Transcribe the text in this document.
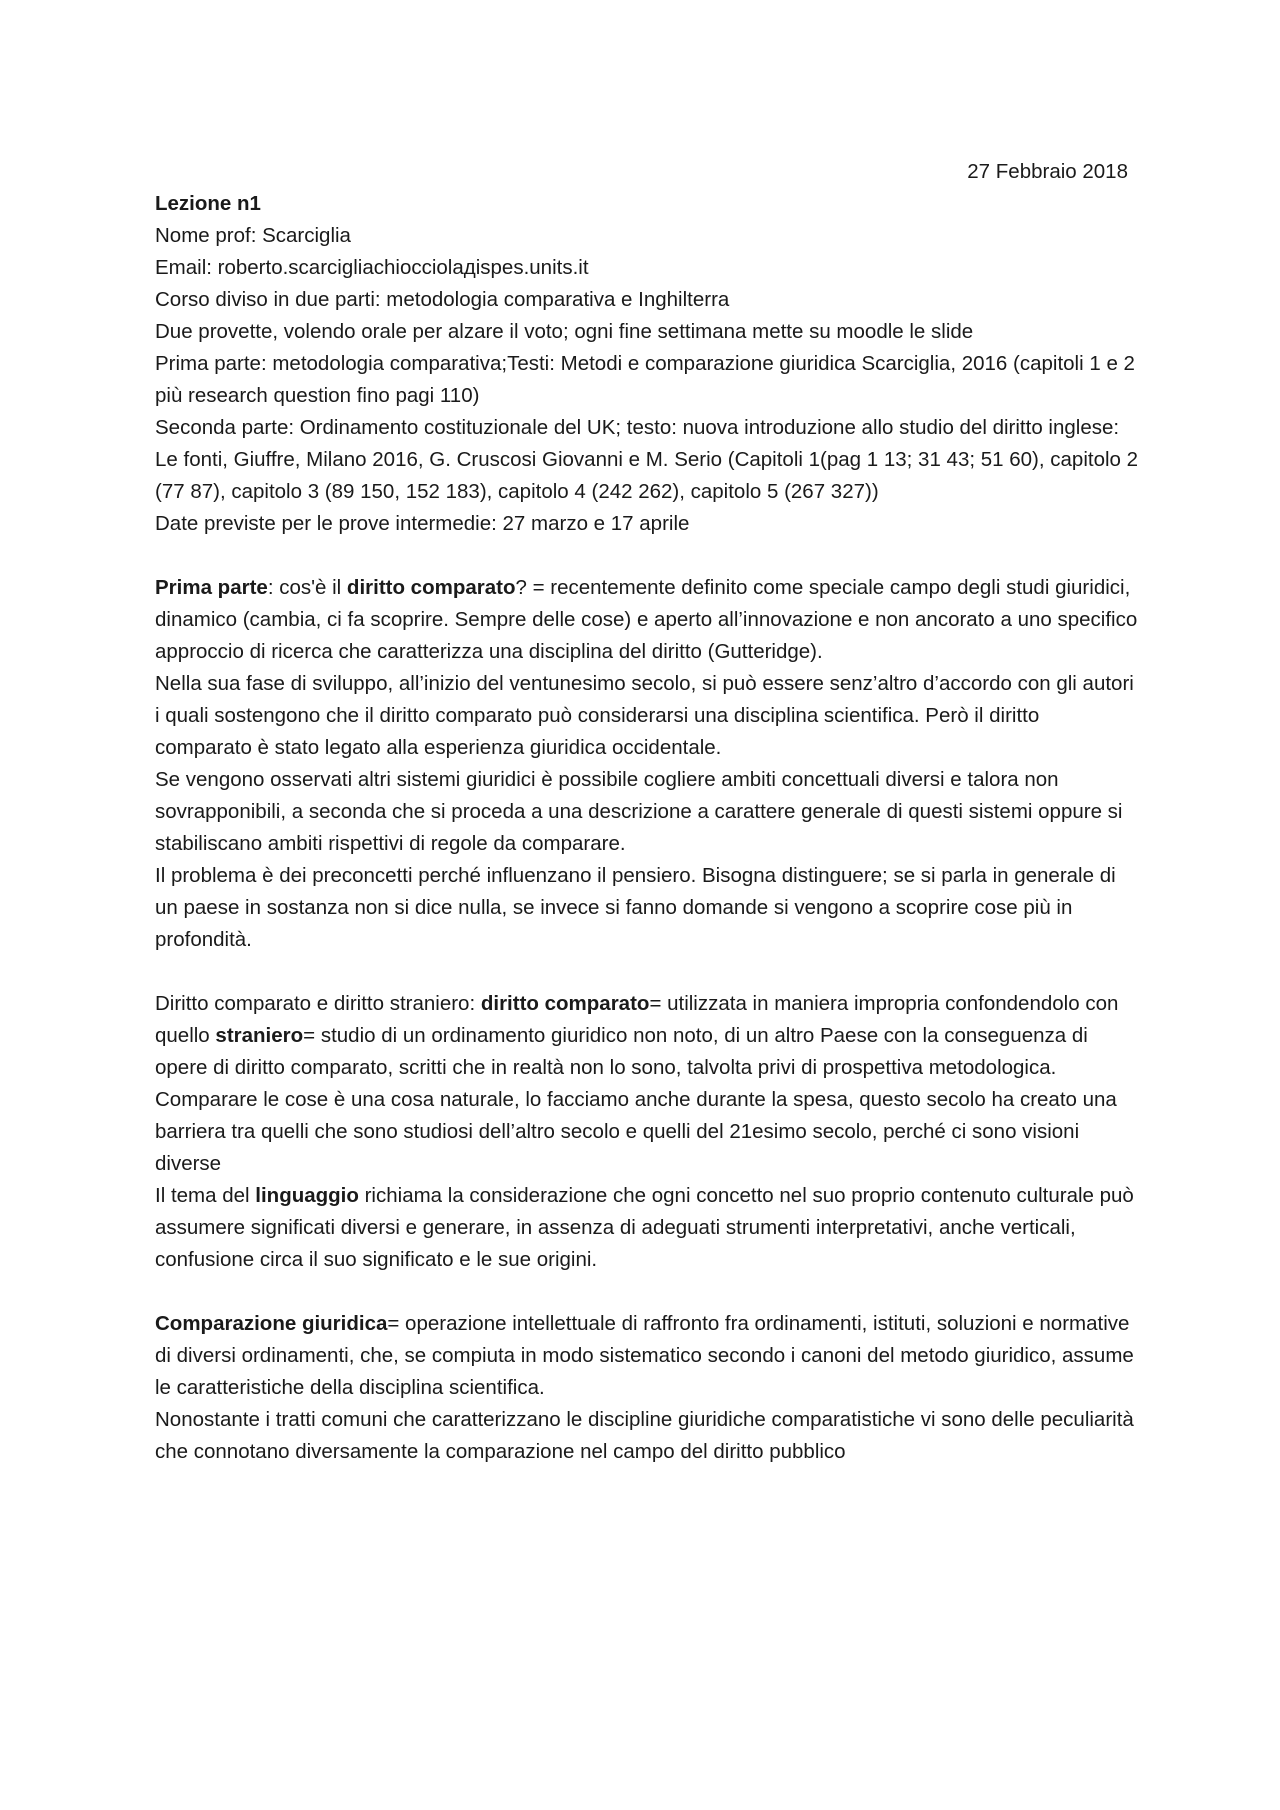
27 Febbraio 2018

Lezione n1

Nome prof: Scarciglia

Email: roberto.scarcigliachiocciolадispes.units.it

Corso diviso in due parti: metodologia comparativa e Inghilterra

Due provette, volendo orale per alzare il voto; ogni fine settimana mette su moodle le slide

Prima parte: metodologia comparativa;Testi: Metodi e comparazione giuridica Scarciglia, 2016 (capitoli 1 e 2 più research question fino pagi 110)

Seconda parte: Ordinamento costituzionale del UK; testo: nuova introduzione allo studio del diritto inglese: Le fonti, Giuffre, Milano 2016, G. Cruscosi Giovanni e M. Serio (Capitoli 1(pag 1 13; 31 43; 51 60), capitolo 2 (77 87), capitolo 3 (89 150, 152 183), capitolo 4 (242 262), capitolo 5 (267 327))

Date previste per le prove intermedie: 27 marzo e 17 aprile

Prima parte: cos'è il diritto comparato? = recentemente definito come speciale campo degli studi giuridici, dinamico (cambia, ci fa scoprire. Sempre delle cose) e aperto all’innovazione e non ancorato a uno specifico approccio di ricerca che caratterizza una disciplina del diritto (Gutteridge).

Nella sua fase di sviluppo, all’inizio del ventunesimo secolo, si può essere senz’altro d’accordo con gli autori i quali sostengono che il diritto comparato può considerarsi una disciplina scientifica. Però il diritto comparato è stato legato alla esperienza giuridica occidentale.

Se vengono osservati altri sistemi giuridici è possibile cogliere ambiti concettuali diversi e talora non sovrapponibili, a seconda che si proceda a una descrizione a carattere generale di questi sistemi oppure si stabiliscano ambiti rispettivi di regole da comparare.

Il problema è dei preconcetti perché influenzano il pensiero. Bisogna distinguere; se si parla in generale di un paese in sostanza non si dice nulla, se invece si fanno domande si vengono a scoprire cose più in profondità.

Diritto comparato e diritto straniero: diritto comparato= utilizzata in maniera impropria confondendolo con quello straniero= studio di un ordinamento giuridico non noto, di un altro Paese con la conseguenza di opere di diritto comparato, scritti che in realtà non lo sono, talvolta privi di prospettiva metodologica.

Comparare le cose è una cosa naturale, lo facciamo anche durante la spesa, questo secolo ha creato una barriera tra quelli che sono studiosi dell’altro secolo e quelli del 21esimo secolo, perché ci sono visioni diverse

Il tema del linguaggio richiama la considerazione che ogni concetto nel suo proprio contenuto culturale può assumere significati diversi e generare, in assenza di adeguati strumenti interpretativi, anche verticali, confusione circa il suo significato e le sue origini.

Comparazione giuridica= operazione intellettuale di raffronto fra ordinamenti, istituti, soluzioni e normative di diversi ordinamenti, che, se compiuta in modo sistematico secondo i canoni del metodo giuridico, assume le caratteristiche della disciplina scientifica.

Nonostante i tratti comuni che caratterizzano le discipline giuridiche comparatistiche vi sono delle peculiarità che connotano diversamente la comparazione nel campo del diritto pubblico
